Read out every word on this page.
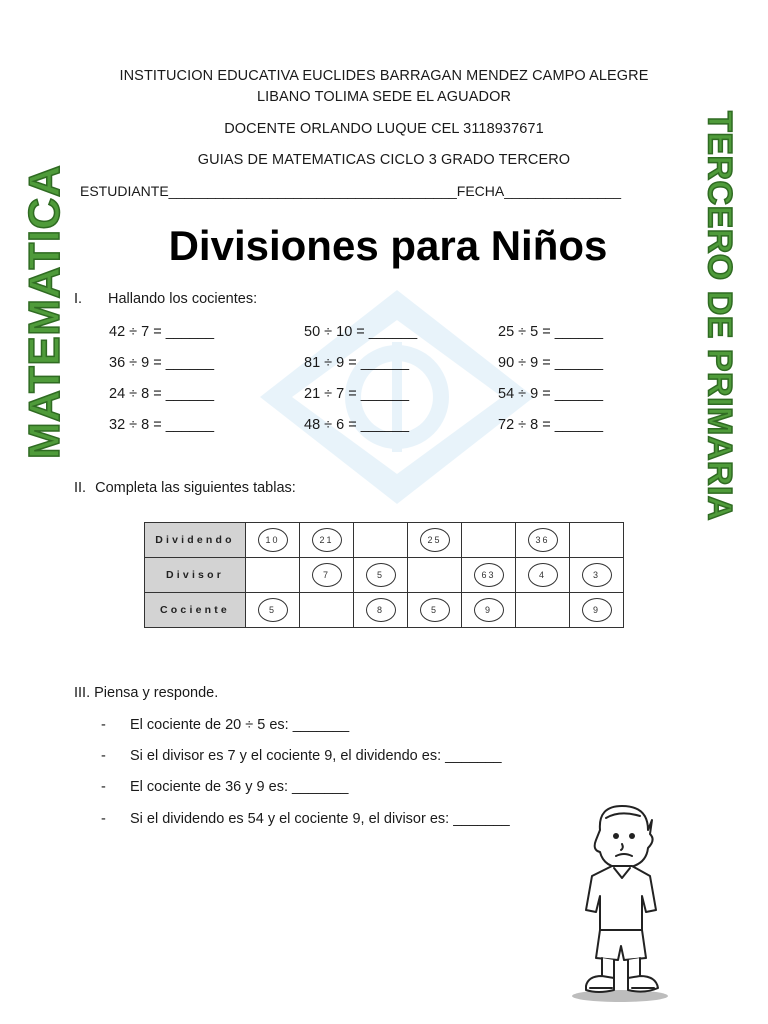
INSTITUCION EDUCATIVA EUCLIDES BARRAGAN MENDEZ CAMPO ALEGRE
LIBANO TOLIMA SEDE EL AGUADOR
DOCENTE ORLANDO LUQUE CEL 3118937671
GUIAS DE MATEMATICAS CICLO 3 GRADO TERCERO
ESTUDIANTE_____________________________________FECHA_______________
MATEMATICA	TERCERO DE PRIMARIA
Divisiones para Niños
I. Hallando los cocientes:
42 ÷ 7 = ______	50 ÷ 10 = ______	25 ÷ 5 = ______
36 ÷ 9 = ______	81 ÷ 9 = ______	90 ÷ 9 = ______
24 ÷ 8 = ______	21 ÷ 7 = ______	54 ÷ 9 = ______
32 ÷ 8 = ______	48 ÷ 6 = ______	72 ÷ 8 = ______
II. Completa las siguientes tablas:
Dividendo	10	21		25		36	
Divisor		7	5		63	4	3
Cociente	5		8	5	9		9
III. Piensa y responde.
- El cociente de 20 ÷ 5 es: _______
- Si el divisor es 7 y el cociente 9, el dividendo es: _______
- El cociente de 36 y 9 es: _______
- Si el dividendo es 54 y el cociente 9, el divisor es: _______
